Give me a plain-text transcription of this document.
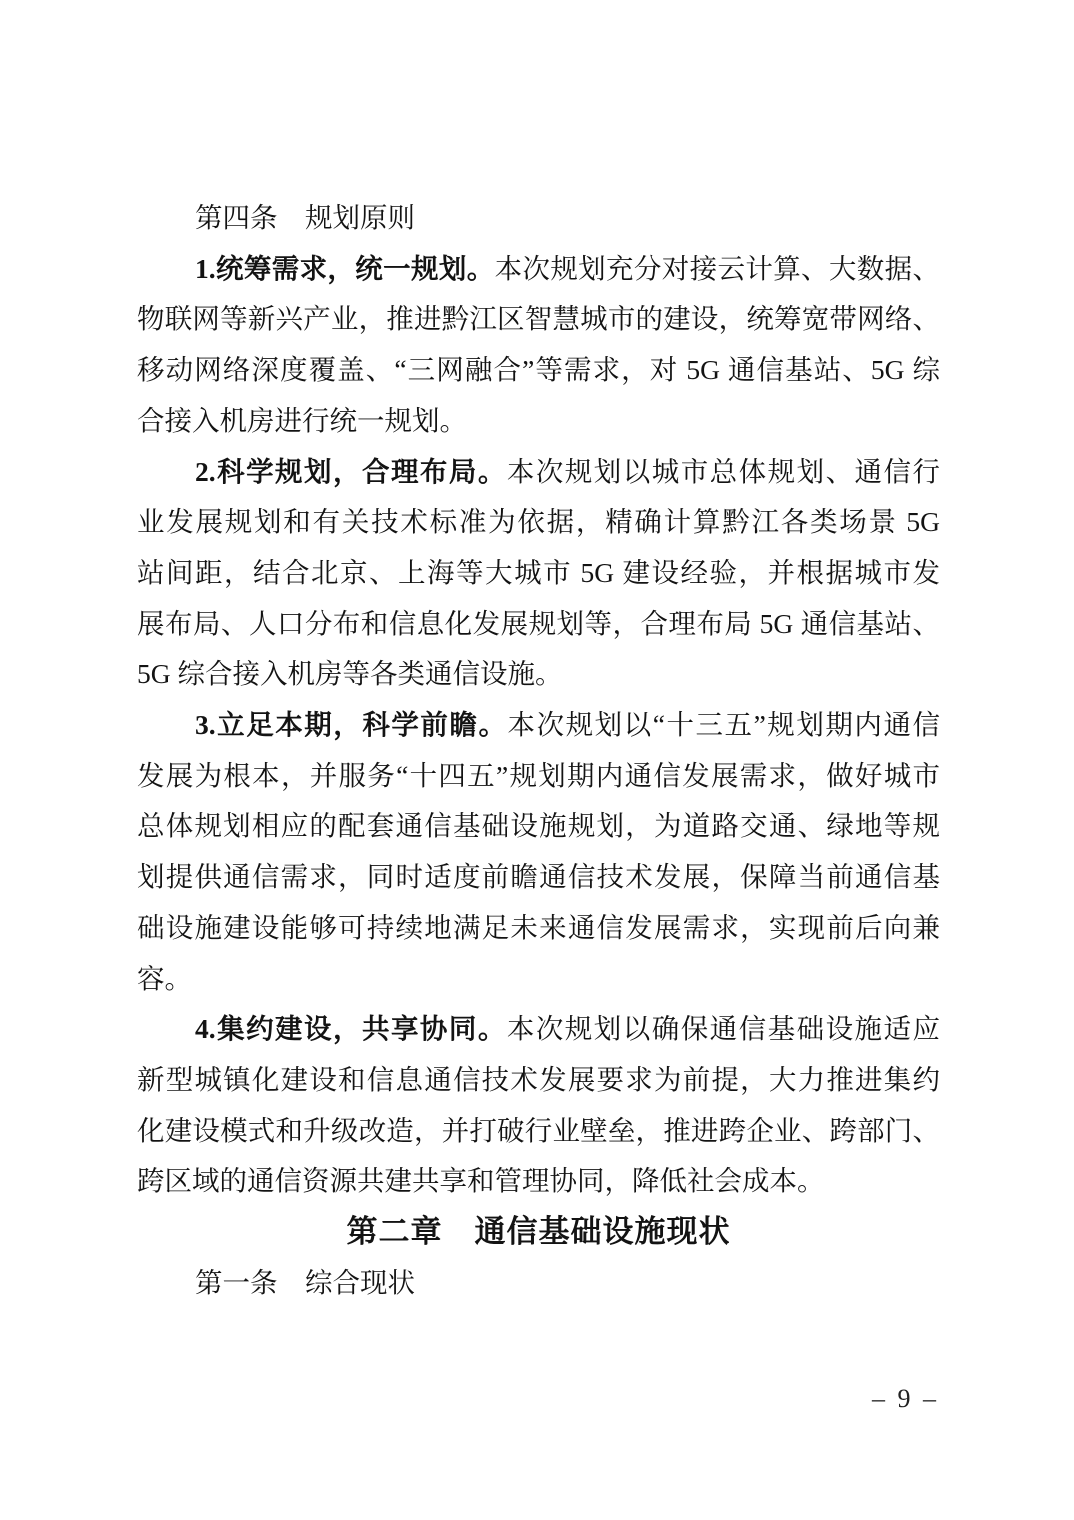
第四条　规划原则
1.统筹需求，统一规划。本次规划充分对接云计算、大数据、
物联网等新兴产业，推进黔江区智慧城市的建设，统筹宽带网络、
移动网络深度覆盖、“三网融合”等需求，对 5G 通信基站、5G 综
合接入机房进行统一规划。
2.科学规划，合理布局。本次规划以城市总体规划、通信行
业发展规划和有关技术标准为依据，精确计算黔江各类场景 5G
站间距，结合北京、上海等大城市 5G 建设经验，并根据城市发
展布局、人口分布和信息化发展规划等，合理布局 5G 通信基站、
5G 综合接入机房等各类通信设施。
3.立足本期，科学前瞻。本次规划以“十三五”规划期内通信
发展为根本，并服务“十四五”规划期内通信发展需求，做好城市
总体规划相应的配套通信基础设施规划，为道路交通、绿地等规
划提供通信需求，同时适度前瞻通信技术发展，保障当前通信基
础设施建设能够可持续地满足未来通信发展需求，实现前后向兼
容。
4.集约建设，共享协同。本次规划以确保通信基础设施适应
新型城镇化建设和信息通信技术发展要求为前提，大力推进集约
化建设模式和升级改造，并打破行业壁垒，推进跨企业、跨部门、
跨区域的通信资源共建共享和管理协同，降低社会成本。
第二章　通信基础设施现状
第一条　综合现状
– 9 –
